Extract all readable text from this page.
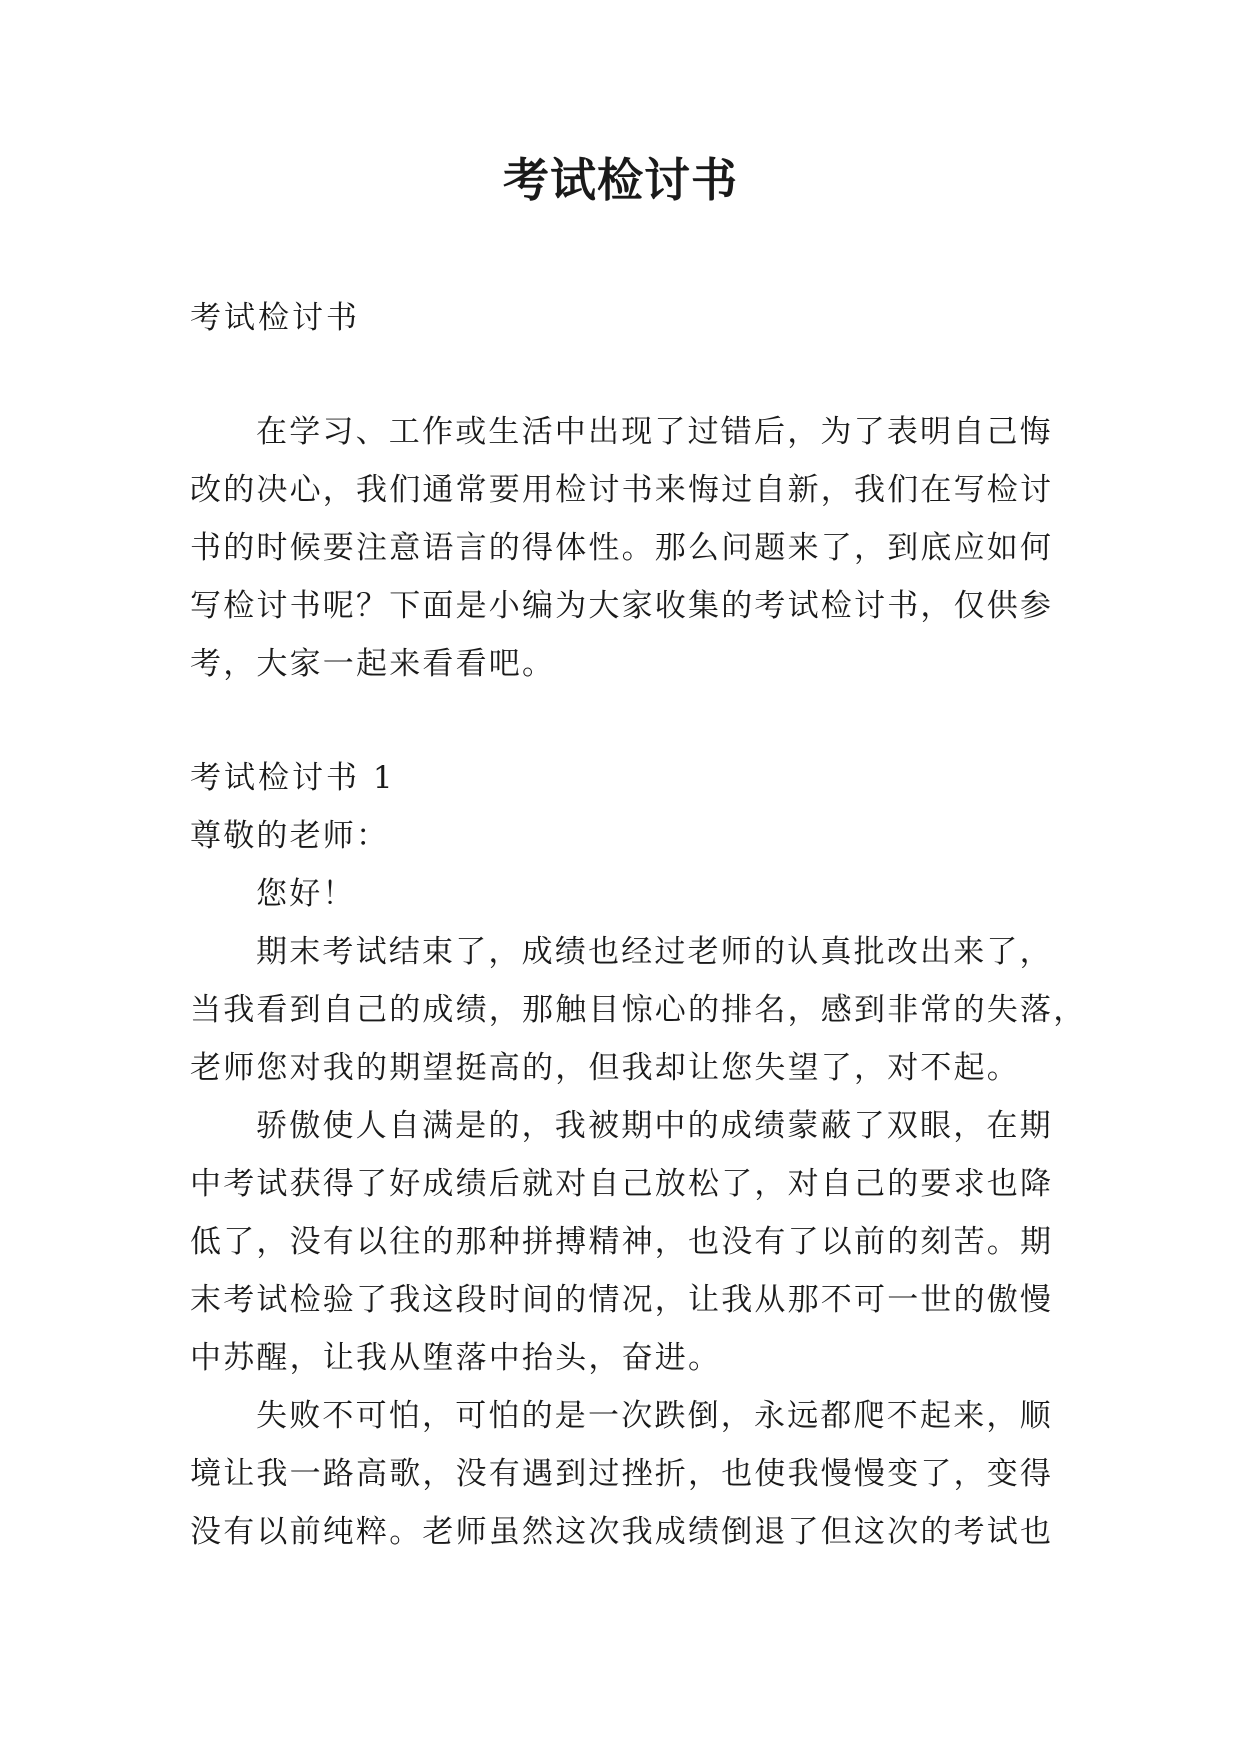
考试检讨书
考试检讨书
在学习、工作或生活中出现了过错后，为了表明自己悔
改的决心，我们通常要用检讨书来悔过自新，我们在写检讨
书的时候要注意语言的得体性。那么问题来了，到底应如何
写检讨书呢？下面是小编为大家收集的考试检讨书，仅供参
考，大家一起来看看吧。
考试检讨书 1
尊敬的老师：
您好！
期末考试结束了，成绩也经过老师的认真批改出来了，
当我看到自己的成绩，那触目惊心的排名，感到非常的失落，
老师您对我的期望挺高的，但我却让您失望了，对不起。
骄傲使人自满是的，我被期中的成绩蒙蔽了双眼，在期
中考试获得了好成绩后就对自己放松了，对自己的要求也降
低了，没有以往的那种拼搏精神，也没有了以前的刻苦。期
末考试检验了我这段时间的情况，让我从那不可一世的傲慢
中苏醒，让我从堕落中抬头，奋进。
失败不可怕，可怕的是一次跌倒，永远都爬不起来，顺
境让我一路高歌，没有遇到过挫折，也使我慢慢变了，变得
没有以前纯粹。老师虽然这次我成绩倒退了但这次的考试也
